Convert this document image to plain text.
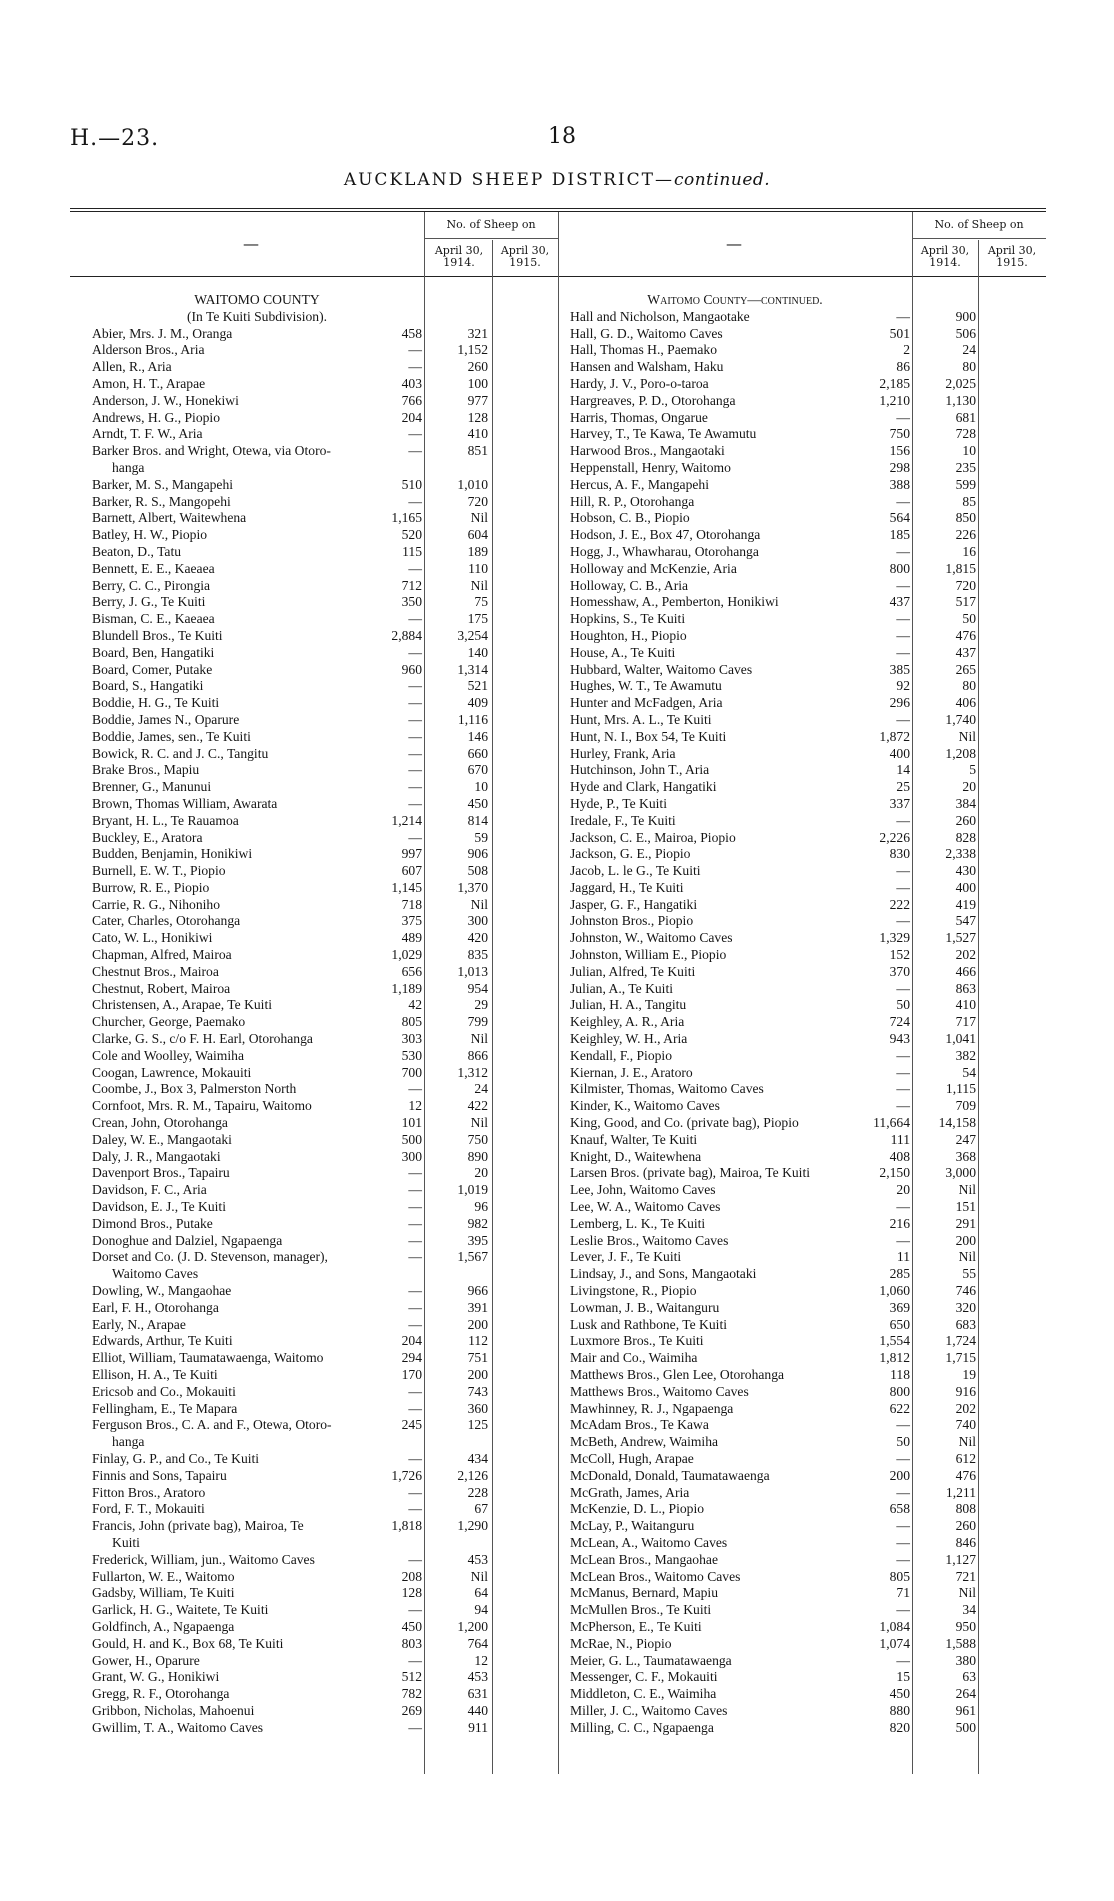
H.—23.	18
AUCKLAND SHEEP DISTRICT—continued.
—
No. of Sheep on
April 30, 1914.
April 30, 1915.
—
No. of Sheep on
April 30, 1914.
April 30, 1915.
WAITOMO COUNTY
(In Te Kuiti Subdivision).
Abier, Mrs. J. M., Oranga	458	321
Alderson Bros., Aria	—	1,152
Allen, R., Aria	—	260
Amon, H. T., Arapae	403	100
Anderson, J. W., Honekiwi	766	977
Andrews, H. G., Piopio	204	128
Arndt, T. F. W., Aria	—	410
Barker Bros. and Wright, Otewa, via Otoro-	—	851
hanga
Barker, M. S., Mangapehi	510	1,010
Barker, R. S., Mangopehi	—	720
Barnett, Albert, Waitewhena	1,165	Nil
Batley, H. W., Piopio	520	604
Beaton, D., Tatu	115	189
Bennett, E. E., Kaeaea	—	110
Berry, C. C., Pirongia	712	Nil
Berry, J. G., Te Kuiti	350	75
Bisman, C. E., Kaeaea	—	175
Blundell Bros., Te Kuiti	2,884	3,254
Board, Ben, Hangatiki	—	140
Board, Comer, Putake	960	1,314
Board, S., Hangatiki	—	521
Boddie, H. G., Te Kuiti	—	409
Boddie, James N., Oparure	—	1,116
Boddie, James, sen., Te Kuiti	—	146
Bowick, R. C. and J. C., Tangitu	—	660
Brake Bros., Mapiu	—	670
Brenner, G., Manunui	—	10
Brown, Thomas William, Awarata	—	450
Bryant, H. L., Te Rauamoa	1,214	814
Buckley, E., Aratora	—	59
Budden, Benjamin, Honikiwi	997	906
Burnell, E. W. T., Piopio	607	508
Burrow, R. E., Piopio	1,145	1,370
Carrie, R. G., Nihoniho	718	Nil
Cater, Charles, Otorohanga	375	300
Cato, W. L., Honikiwi	489	420
Chapman, Alfred, Mairoa	1,029	835
Chestnut Bros., Mairoa	656	1,013
Chestnut, Robert, Mairoa	1,189	954
Christensen, A., Arapae, Te Kuiti	42	29
Churcher, George, Paemako	805	799
Clarke, G. S., c/o F. H. Earl, Otorohanga	303	Nil
Cole and Woolley, Waimiha	530	866
Coogan, Lawrence, Mokauiti	700	1,312
Coombe, J., Box 3, Palmerston North	—	24
Cornfoot, Mrs. R. M., Tapairu, Waitomo	12	422
Crean, John, Otorohanga	101	Nil
Daley, W. E., Mangaotaki	500	750
Daly, J. R., Mangaotaki	300	890
Davenport Bros., Tapairu	—	20
Davidson, F. C., Aria	—	1,019
Davidson, E. J., Te Kuiti	—	96
Dimond Bros., Putake	—	982
Donoghue and Dalziel, Ngapaenga	—	395
Dorset and Co. (J. D. Stevenson, manager),	—	1,567
Waitomo Caves
Dowling, W., Mangaohae	—	966
Earl, F. H., Otorohanga	—	391
Early, N., Arapae	—	200
Edwards, Arthur, Te Kuiti	204	112
Elliot, William, Taumatawaenga, Waitomo	294	751
Ellison, H. A., Te Kuiti	170	200
Ericsob and Co., Mokauiti	—	743
Fellingham, E., Te Mapara	—	360
Ferguson Bros., C. A. and F., Otewa, Otoro-	245	125
hanga
Finlay, G. P., and Co., Te Kuiti	—	434
Finnis and Sons, Tapairu	1,726	2,126
Fitton Bros., Aratoro	—	228
Ford, F. T., Mokauiti	—	67
Francis, John (private bag), Mairoa, Te	1,818	1,290
Kuiti
Frederick, William, jun., Waitomo Caves	—	453
Fullarton, W. E., Waitomo	208	Nil
Gadsby, William, Te Kuiti	128	64
Garlick, H. G., Waitete, Te Kuiti	—	94
Goldfinch, A., Ngapaenga	450	1,200
Gould, H. and K., Box 68, Te Kuiti	803	764
Gower, H., Oparure	—	12
Grant, W. G., Honikiwi	512	453
Gregg, R. F., Otorohanga	782	631
Gribbon, Nicholas, Mahoenui	269	440
Gwillim, T. A., Waitomo Caves	—	911
Waitomo County—continued.
Hall and Nicholson, Mangaotake	—	900
Hall, G. D., Waitomo Caves	501	506
Hall, Thomas H., Paemako	2	24
Hansen and Walsham, Haku	86	80
Hardy, J. V., Poro-o-taroa	2,185	2,025
Hargreaves, P. D., Otorohanga	1,210	1,130
Harris, Thomas, Ongarue	—	681
Harvey, T., Te Kawa, Te Awamutu	750	728
Harwood Bros., Mangaotaki	156	10
Heppenstall, Henry, Waitomo	298	235
Hercus, A. F., Mangapehi	388	599
Hill, R. P., Otorohanga	—	85
Hobson, C. B., Piopio	564	850
Hodson, J. E., Box 47, Otorohanga	185	226
Hogg, J., Whawharau, Otorohanga	—	16
Holloway and McKenzie, Aria	800	1,815
Holloway, C. B., Aria	—	720
Homesshaw, A., Pemberton, Honikiwi	437	517
Hopkins, S., Te Kuiti	—	50
Houghton, H., Piopio	—	476
House, A., Te Kuiti	—	437
Hubbard, Walter, Waitomo Caves	385	265
Hughes, W. T., Te Awamutu	92	80
Hunter and McFadgen, Aria	296	406
Hunt, Mrs. A. L., Te Kuiti	—	1,740
Hunt, N. I., Box 54, Te Kuiti	1,872	Nil
Hurley, Frank, Aria	400	1,208
Hutchinson, John T., Aria	14	5
Hyde and Clark, Hangatiki	25	20
Hyde, P., Te Kuiti	337	384
Iredale, F., Te Kuiti	—	260
Jackson, C. E., Mairoa, Piopio	2,226	828
Jackson, G. E., Piopio	830	2,338
Jacob, L. le G., Te Kuiti	—	430
Jaggard, H., Te Kuiti	—	400
Jasper, G. F., Hangatiki	222	419
Johnston Bros., Piopio	—	547
Johnston, W., Waitomo Caves	1,329	1,527
Johnston, William E., Piopio	152	202
Julian, Alfred, Te Kuiti	370	466
Julian, A., Te Kuiti	—	863
Julian, H. A., Tangitu	50	410
Keighley, A. R., Aria	724	717
Keighley, W. H., Aria	943	1,041
Kendall, F., Piopio	—	382
Kiernan, J. E., Aratoro	—	54
Kilmister, Thomas, Waitomo Caves	—	1,115
Kinder, K., Waitomo Caves	—	709
King, Good, and Co. (private bag), Piopio	11,664	14,158
Knauf, Walter, Te Kuiti	111	247
Knight, D., Waitewhena	408	368
Larsen Bros. (private bag), Mairoa, Te Kuiti	2,150	3,000
Lee, John, Waitomo Caves	20	Nil
Lee, W. A., Waitomo Caves	—	151
Lemberg, L. K., Te Kuiti	216	291
Leslie Bros., Waitomo Caves	—	200
Lever, J. F., Te Kuiti	11	Nil
Lindsay, J., and Sons, Mangaotaki	285	55
Livingstone, R., Piopio	1,060	746
Lowman, J. B., Waitanguru	369	320
Lusk and Rathbone, Te Kuiti	650	683
Luxmore Bros., Te Kuiti	1,554	1,724
Mair and Co., Waimiha	1,812	1,715
Matthews Bros., Glen Lee, Otorohanga	118	19
Matthews Bros., Waitomo Caves	800	916
Mawhinney, R. J., Ngapaenga	622	202
McAdam Bros., Te Kawa	—	740
McBeth, Andrew, Waimiha	50	Nil
McColl, Hugh, Arapae	—	612
McDonald, Donald, Taumatawaenga	200	476
McGrath, James, Aria	—	1,211
McKenzie, D. L., Piopio	658	808
McLay, P., Waitanguru	—	260
McLean, A., Waitomo Caves	—	846
McLean Bros., Mangaohae	—	1,127
McLean Bros., Waitomo Caves	805	721
McManus, Bernard, Mapiu	71	Nil
McMullen Bros., Te Kuiti	—	34
McPherson, E., Te Kuiti	1,084	950
McRae, N., Piopio	1,074	1,588
Meier, G. L., Taumatawaenga	—	380
Messenger, C. F., Mokauiti	15	63
Middleton, C. E., Waimiha	450	264
Miller, J. C., Waitomo Caves	880	961
Milling, C. C., Ngapaenga	820	500
